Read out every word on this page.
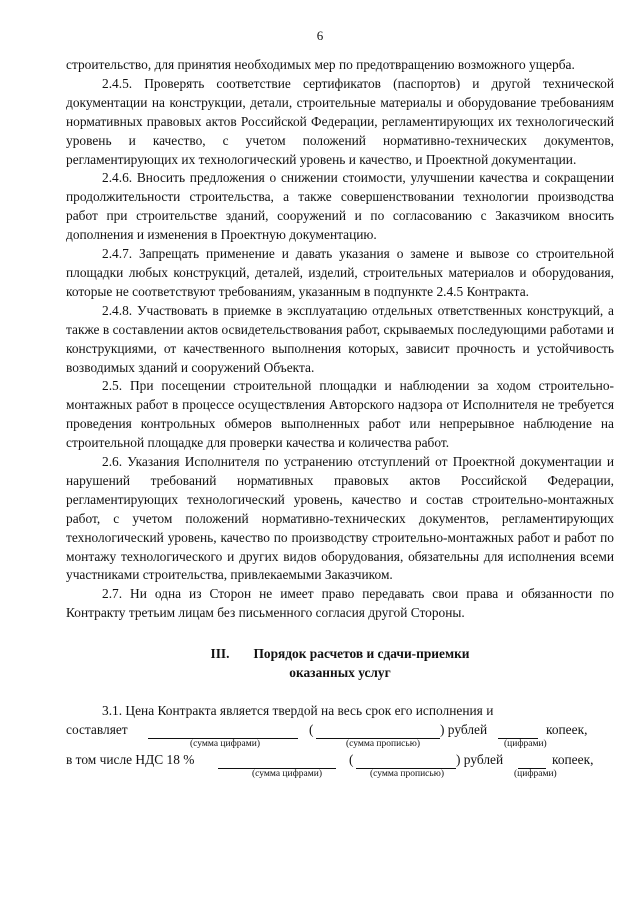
6

строительство, для принятия необходимых мер по предотвращению возможного ущерба.

2.4.5. Проверять соответствие сертификатов (паспортов) и другой технической документации на конструкции, детали, строительные материалы и оборудование требованиям нормативных правовых актов Российской Федерации, регламентирующих их технологический уровень и качество, с учетом положений нормативно-технических документов, регламентирующих их технологический уровень и качество, и Проектной документации.

2.4.6. Вносить предложения о снижении стоимости, улучшении качества и сокращении продолжительности строительства, а также совершенствовании технологии производства работ при строительстве зданий, сооружений и по согласованию с Заказчиком вносить дополнения и изменения в Проектную документацию.

2.4.7. Запрещать применение и давать указания о замене и вывозе со строительной площадки любых конструкций, деталей, изделий, строительных материалов и оборудования, которые не соответствуют требованиям, указанным в подпункте 2.4.5 Контракта.

2.4.8. Участвовать в приемке в эксплуатацию отдельных ответственных конструкций, а также в составлении актов освидетельствования работ, скрываемых последующими работами и конструкциями, от качественного выполнения которых, зависит прочность и устойчивость возводимых зданий и сооружений Объекта.

2.5. При посещении строительной площадки и наблюдении за ходом строительно-монтажных работ в процессе осуществления Авторского надзора от Исполнителя не требуется проведения контрольных обмеров выполненных работ или непрерывное наблюдение на строительной площадке для проверки качества и количества работ.

2.6. Указания Исполнителя по устранению отступлений от Проектной документации и нарушений требований нормативных правовых актов Российской Федерации, регламентирующих технологический уровень, качество и состав строительно-монтажных работ, с учетом положений нормативно-технических документов, регламентирующих технологический уровень, качество по производству строительно-монтажных работ и работ по монтажу технологического и других видов оборудования, обязательны для исполнения всеми участниками строительства, привлекаемыми Заказчиком.

2.7. Ни одна из Сторон не имеет право передавать свои права и обязанности по Контракту третьим лицам без письменного согласия другой Стороны.

III. Порядок расчетов и сдачи-приемки
оказанных услуг

3.1. Цена Контракта является твердой на весь срок его исполнения и

составляет	(	) рублей	копеек,
(сумма цифрами)	(сумма прописью)	(цифрами)
в том числе НДС 18 %	(	) рублей	копеек,
(сумма цифрами)	(сумма прописью)	(цифрами)
